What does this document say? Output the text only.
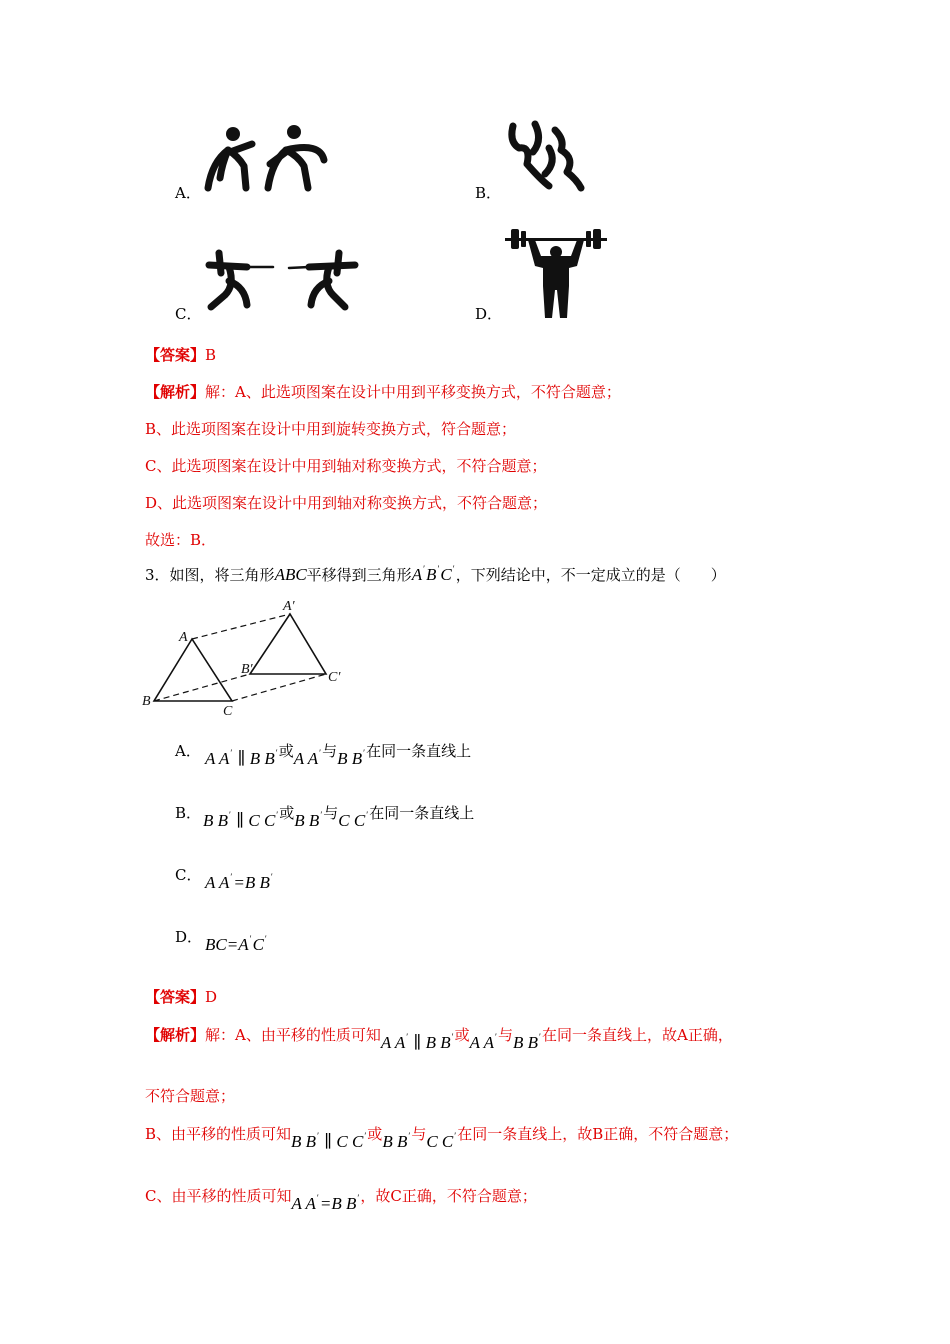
A．	B．
C．	D．
【答案】B
【解析】解：A、此选项图案在设计中用到平移变换方式，不符合题意；
B、此选项图案在设计中用到旋转变换方式，符合题意；
C、此选项图案在设计中用到轴对称变换方式，不符合题意；
D、此选项图案在设计中用到轴对称变换方式，不符合题意；
故选：B．
3．如图，将三角形ABC平移得到三角形A′B′C′，下列结论中，不一定成立的是（　　）
A
B
C
A′
B′
C′
A． A A′ ∥ B B′或A A′与B B′在同一条直线上
B． B B′ ∥ C C′或B B′与C C′在同一条直线上
C． A A′=B B′
D． BC=A′C′
【答案】D
【解析】解：A、由平移的性质可知A A′ ∥ B B′或A A′与B B′在同一条直线上，故A正确，
不符合题意；
B、由平移的性质可知B B′ ∥ C C′或B B′与C C′在同一条直线上，故B正确，不符合题意；
C、由平移的性质可知A A′=B B′，故C正确，不符合题意；
